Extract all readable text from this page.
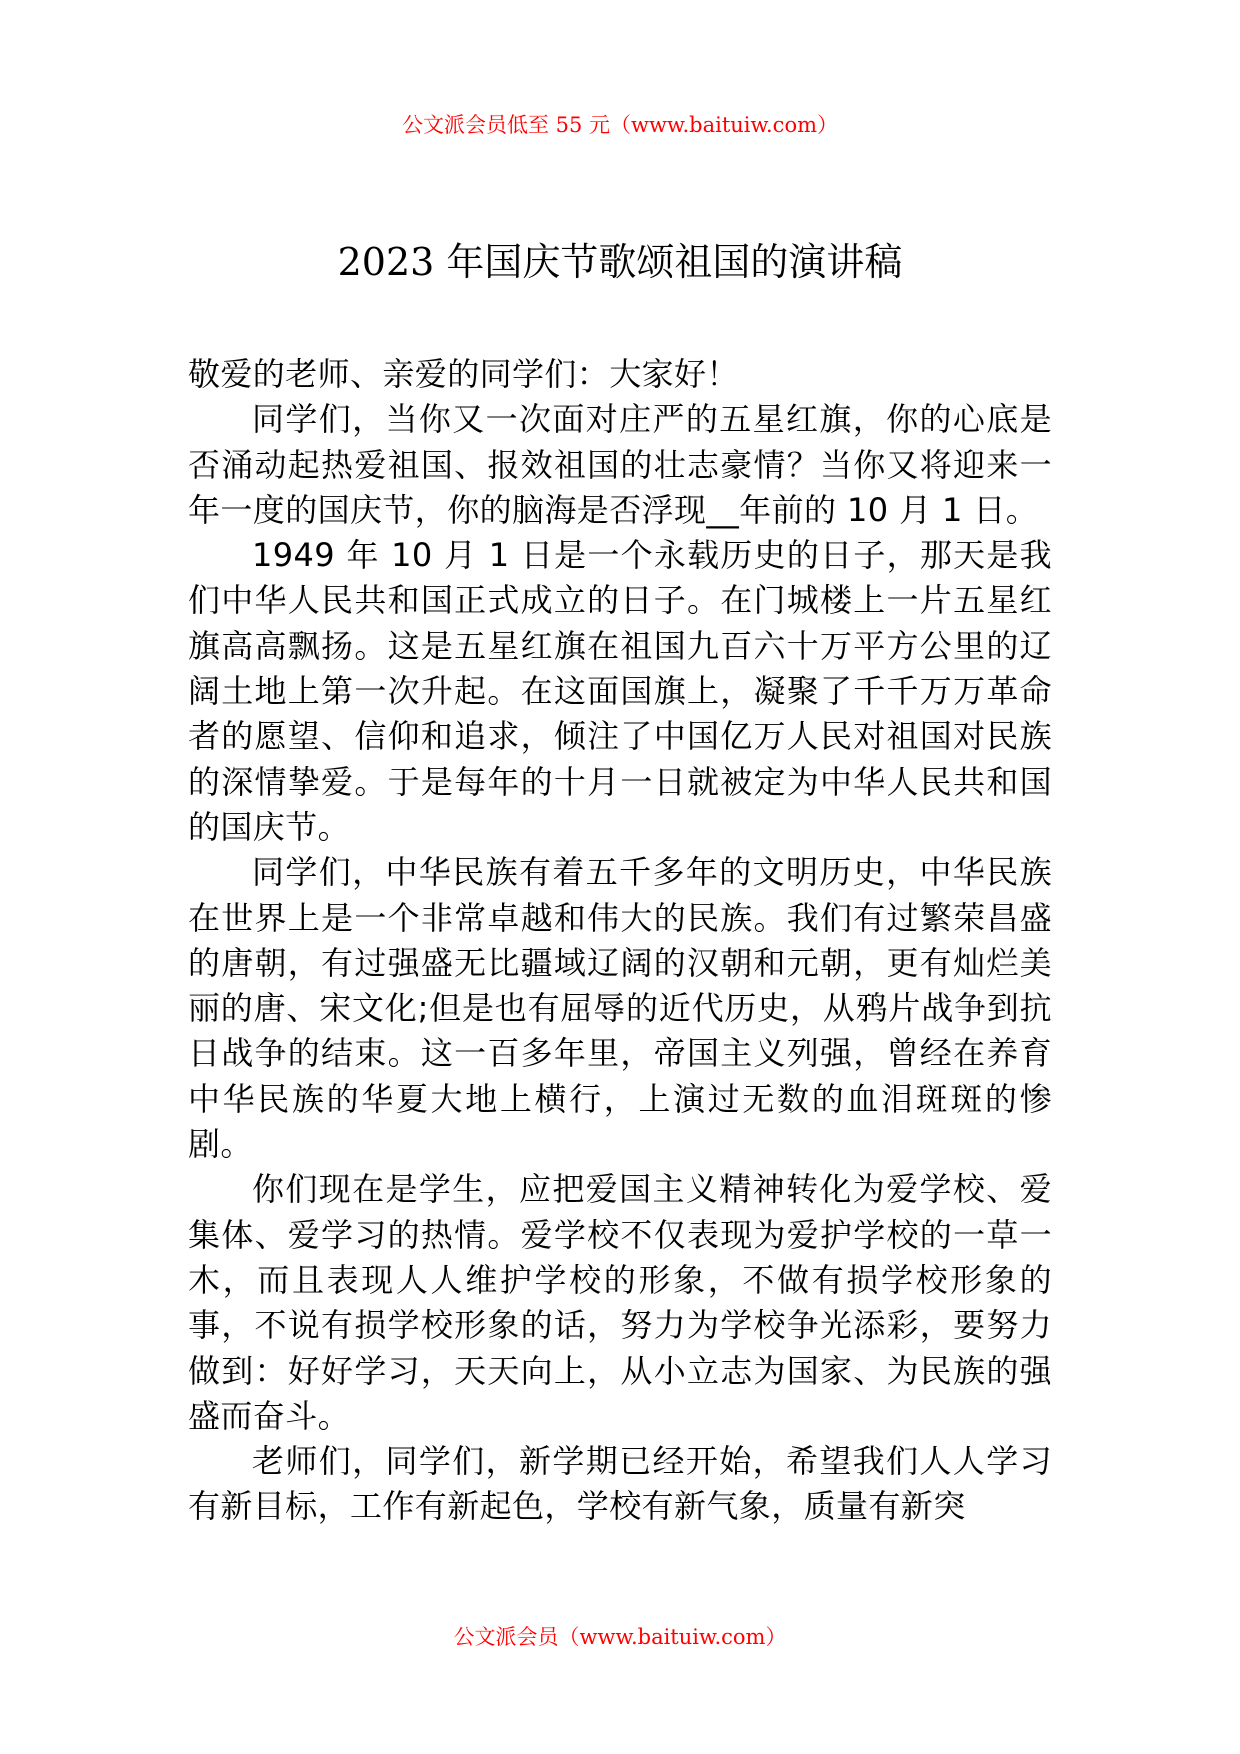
公文派会员低至 55 元（www.baituiw.com）
2023 年国庆节歌颂祖国的演讲稿

敬爱的老师、亲爱的同学们：大家好！

同学们，当你又一次面对庄严的五星红旗，你的心底是否涌动起热爱祖国、报效祖国的壮志豪情？当你又将迎来一年一度的国庆节，你的脑海是否浮现__年前的 10 月 1 日。

1949 年 10 月 1 日是一个永载历史的日子，那天是我们中华人民共和国正式成立的日子。在门城楼上一片五星红旗高高飘扬。这是五星红旗在祖国九百六十万平方公里的辽阔土地上第一次升起。在这面国旗上，凝聚了千千万万革命者的愿望、信仰和追求，倾注了中国亿万人民对祖国对民族的深情挚爱。于是每年的十月一日就被定为中华人民共和国的国庆节。

同学们，中华民族有着五千多年的文明历史，中华民族在世界上是一个非常卓越和伟大的民族。我们有过繁荣昌盛的唐朝，有过强盛无比疆域辽阔的汉朝和元朝，更有灿烂美丽的唐、宋文化;但是也有屈辱的近代历史，从鸦片战争到抗日战争的结束。这一百多年里，帝国主义列强，曾经在养育中华民族的华夏大地上横行，上演过无数的血泪斑斑的惨剧。

你们现在是学生，应把爱国主义精神转化为爱学校、爱集体、爱学习的热情。爱学校不仅表现为爱护学校的一草一木，而且表现人人维护学校的形象，不做有损学校形象的事，不说有损学校形象的话，努力为学校争光添彩，要努力做到：好好学习，天天向上，从小立志为国家、为民族的强盛而奋斗。

老师们，同学们，新学期已经开始，希望我们人人学习有新目标，工作有新起色，学校有新气象，质量有新突

公文派会员（www.baituiw.com）
